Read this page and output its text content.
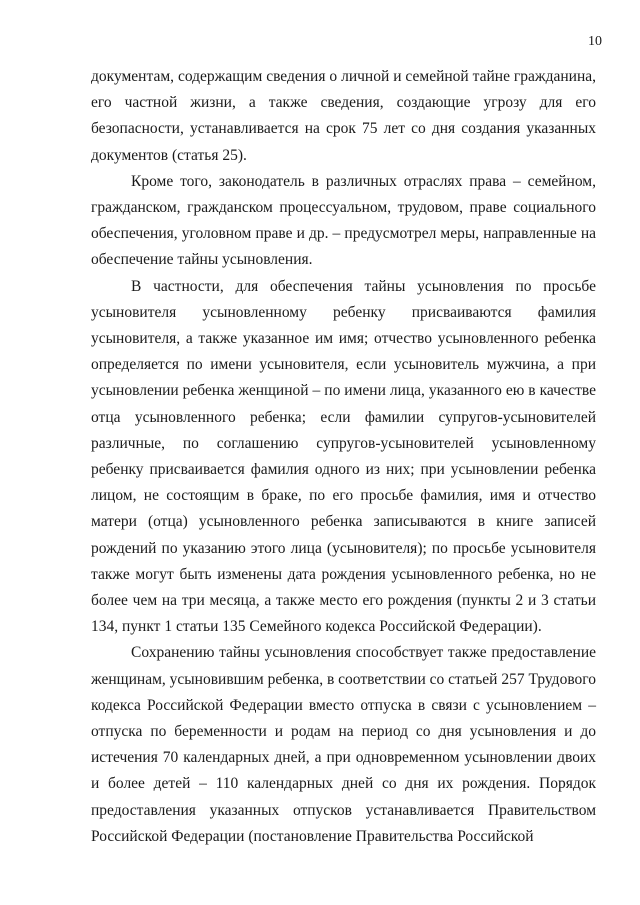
10

документам, содержащим сведения о личной и семейной тайне гражданина, его частной жизни, а также сведения, создающие угрозу для его безопасности, устанавливается на срок 75 лет со дня создания указанных документов (статья 25).

Кроме того, законодатель в различных отраслях права – семейном, гражданском, гражданском процессуальном, трудовом, праве социального обеспечения, уголовном праве и др. – предусмотрел меры, направленные на обеспечение тайны усыновления.

В частности, для обеспечения тайны усыновления по просьбе усыновителя усыновленному ребенку присваиваются фамилия усыновителя, а также указанное им имя; отчество усыновленного ребенка определяется по имени усыновителя, если усыновитель мужчина, а при усыновлении ребенка женщиной – по имени лица, указанного ею в качестве отца усыновленного ребенка; если фамилии супругов-усыновителей различные, по соглашению супругов-усыновителей усыновленному ребенку присваивается фамилия одного из них; при усыновлении ребенка лицом, не состоящим в браке, по его просьбе фамилия, имя и отчество матери (отца) усыновленного ребенка записываются в книге записей рождений по указанию этого лица (усыновителя); по просьбе усыновителя также могут быть изменены дата рождения усыновленного ребенка, но не более чем на три месяца, а также место его рождения (пункты 2 и 3 статьи 134, пункт 1 статьи 135 Семейного кодекса Российской Федерации).

Сохранению тайны усыновления способствует также предоставление женщинам, усыновившим ребенка, в соответствии со статьей 257 Трудового кодекса Российской Федерации вместо отпуска в связи с усыновлением – отпуска по беременности и родам на период со дня усыновления и до истечения 70 календарных дней, а при одновременном усыновлении двоих и более детей – 110 календарных дней со дня их рождения. Порядок предоставления указанных отпусков устанавливается Правительством Российской Федерации (постановление Правительства Российской
